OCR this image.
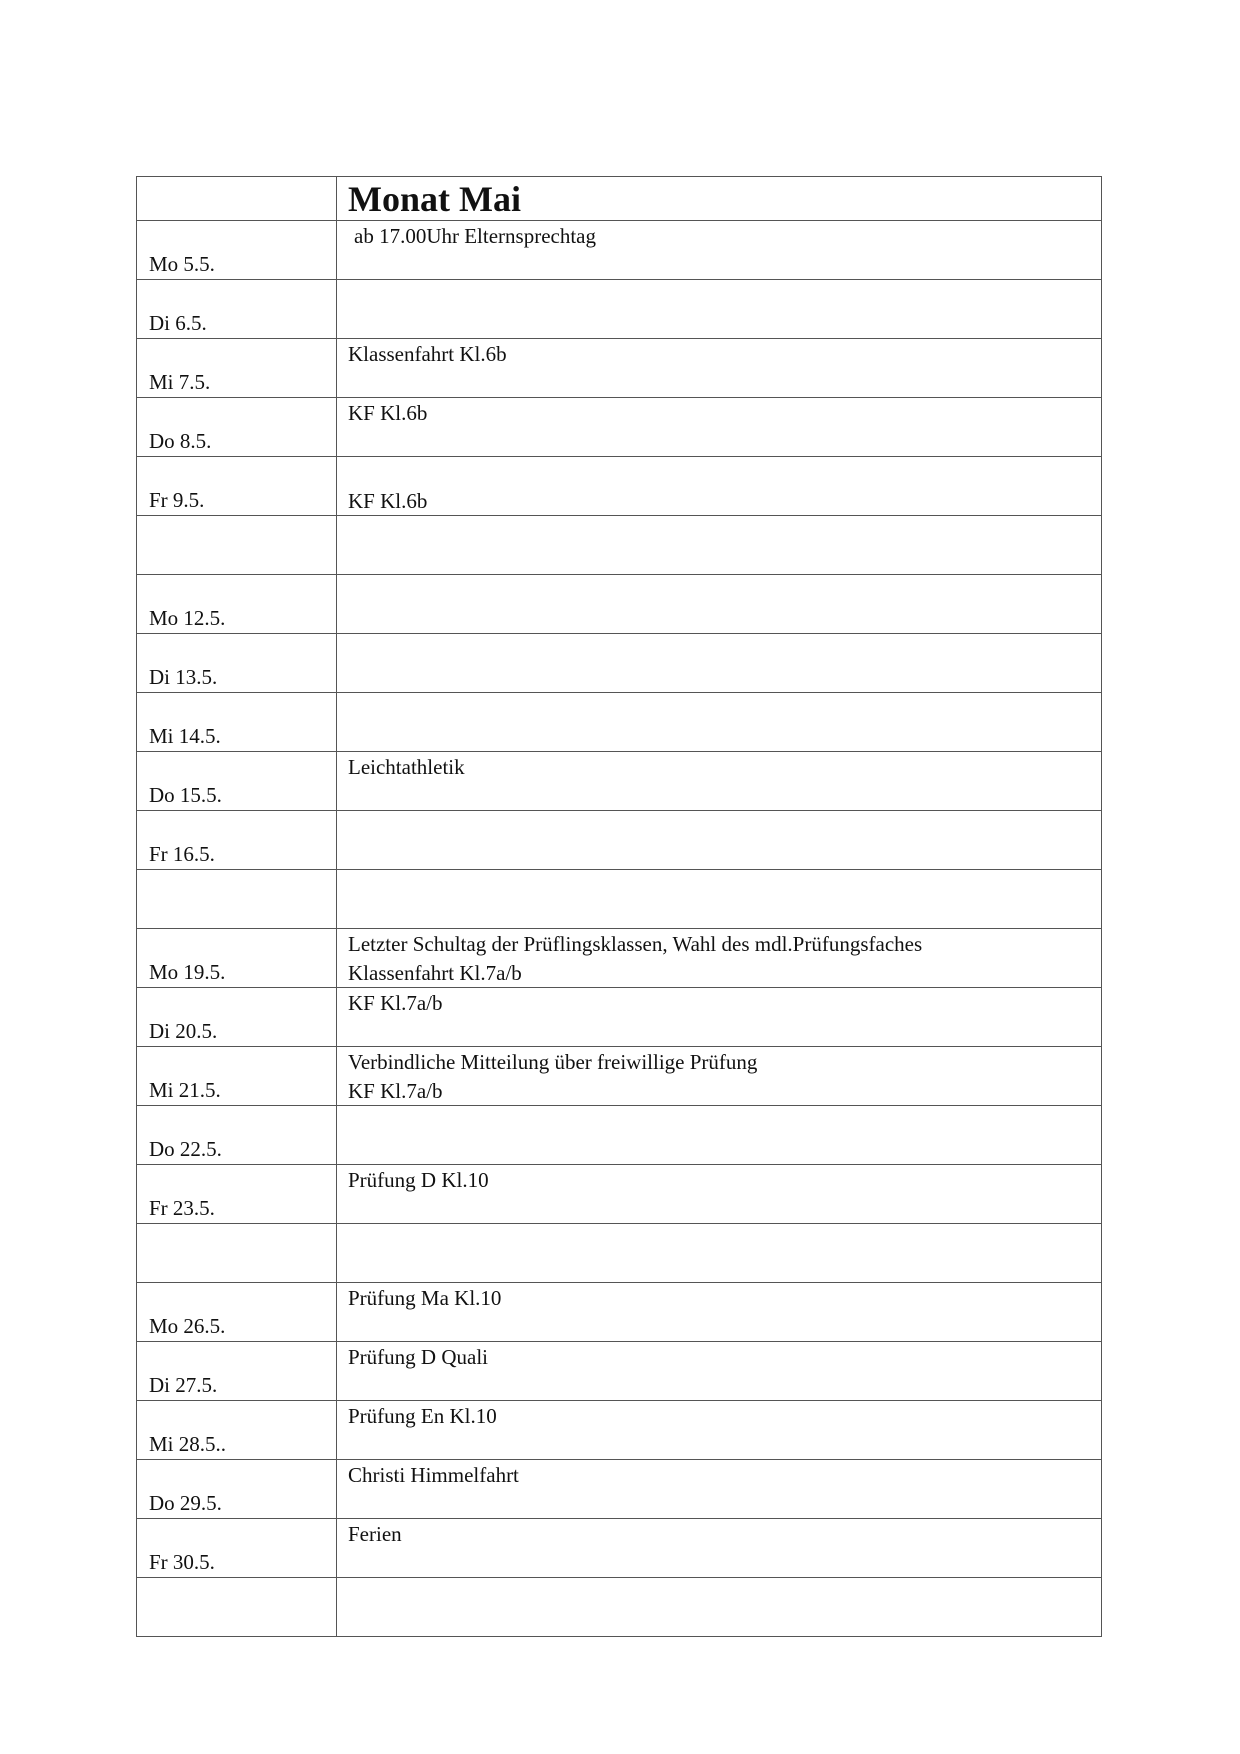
	Monat Mai

Mo 5.5.	ab 17.00Uhr Elternsprechtag

Di 6.5.	

Mi 7.5.	Klassenfahrt Kl.6b

Do 8.5.	KF Kl.6b

Fr 9.5.	KF Kl.6b

Mo 12.5.	

Di 13.5.	

Mi 14.5.	

Do 15.5.	Leichtathletik

Fr 16.5.	

Mo 19.5.	Letzter Schultag der Prüflingsklassen, Wahl des mdl.Prüfungsfaches
Klassenfahrt Kl.7a/b

Di 20.5.	KF Kl.7a/b

Mi 21.5.	Verbindliche Mitteilung über freiwillige Prüfung
KF Kl.7a/b

Do 22.5.	

Fr 23.5.	Prüfung D Kl.10

Mo 26.5.	Prüfung Ma Kl.10

Di 27.5.	Prüfung D Quali

Mi 28.5..	Prüfung En Kl.10

Do 29.5.	Christi Himmelfahrt

Fr 30.5.	Ferien
